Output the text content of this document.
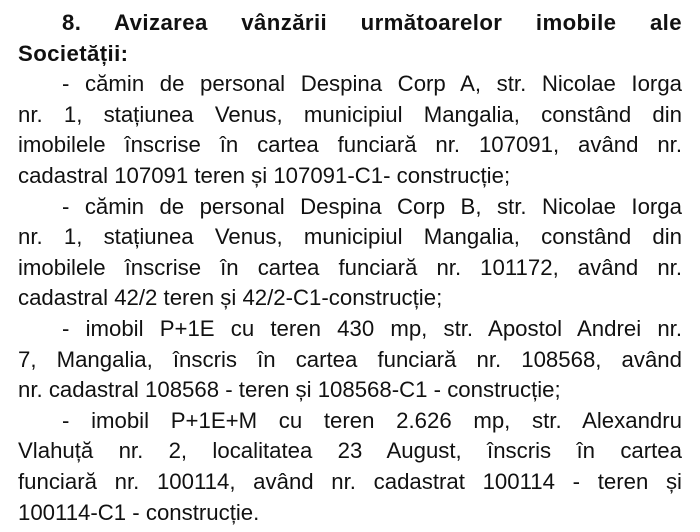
8. Avizarea vânzării următoarelor imobile ale
Societății:
- cămin de personal Despina Corp A, str. Nicolae Iorga
nr. 1, stațiunea Venus, municipiul Mangalia, constând din
imobilele înscrise în cartea funciară nr. 107091, având nr.
cadastral 107091 teren și 107091-C1- construcție;
- cămin de personal Despina Corp B, str. Nicolae Iorga
nr. 1, stațiunea Venus, municipiul Mangalia, constând din
imobilele înscrise în cartea funciară nr. 101172, având nr.
cadastral 42/2 teren și 42/2-C1-construcție;
- imobil P+1E cu teren 430 mp, str. Apostol Andrei nr.
7, Mangalia, înscris în cartea funciară nr. 108568, având
nr. cadastral 108568 - teren și 108568-C1 - construcție;
- imobil P+1E+M cu teren 2.626 mp, str. Alexandru
Vlahuță nr. 2, localitatea 23 August, înscris în cartea
funciară nr. 100114, având nr. cadastrat 100114 - teren și
100114-C1 - construcție.
